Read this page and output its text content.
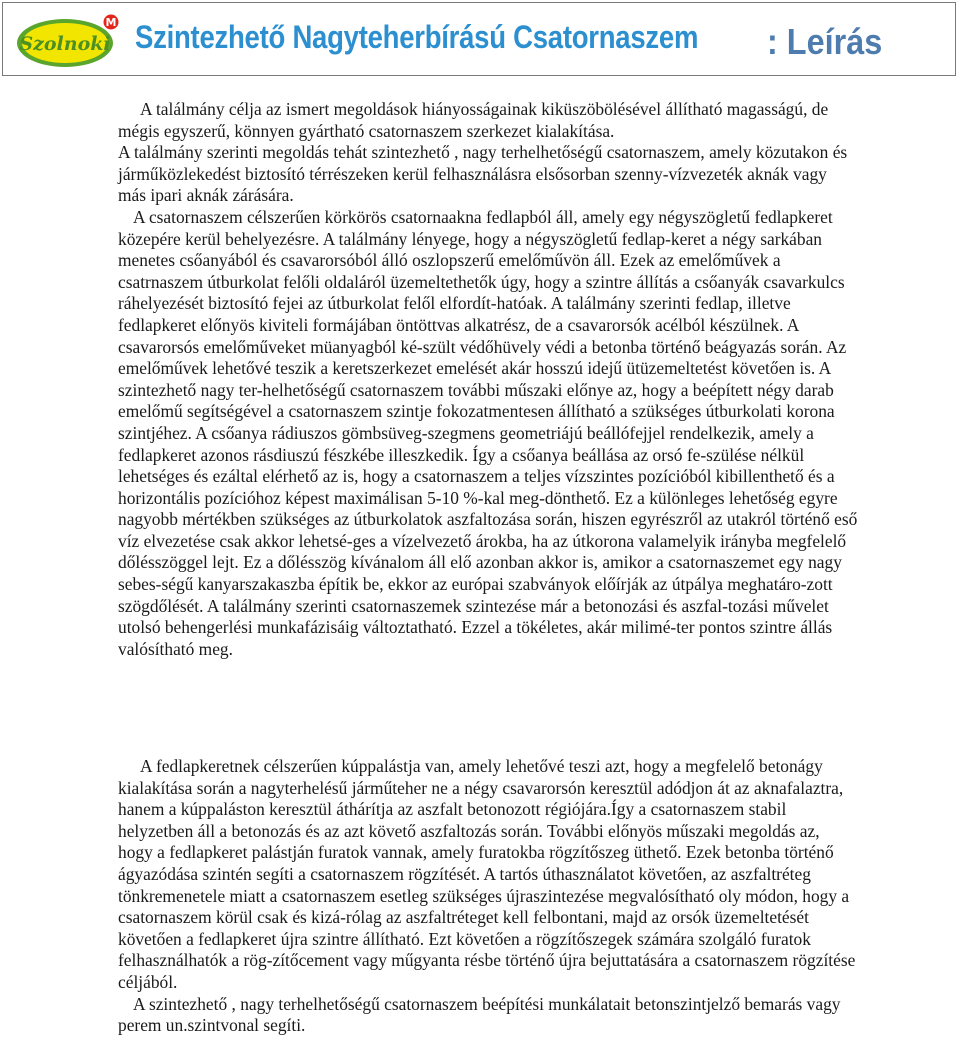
Szolnoki
M Szintezhető Nagyteherbírású Csatornaszem : Leírás

A találmány célja az ismert megoldások hiányosságainak kiküszöbölésével állítható magasságú, de mégis egyszerű, könnyen gyártható csatornaszem szerkezet kialakítása.

A találmány szerinti megoldás tehát szintezhető , nagy terhelhetőségű csatornaszem, amely közutakon és járműközlekedést biztosító térrészeken kerül felhasználásra elsősorban szenny-vízvezeték aknák vagy más ipari aknák zárására.

A csatornaszem célszerűen körkörös csatornaakna fedlapból áll, amely egy négyszögletű fedlapkeret közepére kerül behelyezésre. A találmány lényege, hogy a négyszögletű fedlap-keret a négy sarkában menetes csőanyából és csavarorsóból álló oszlopszerű emelőművön áll. Ezek az emelőművek a csatrnaszem útburkolat felőli oldaláról üzemeltethetők úgy, hogy a szintre állítás a csőanyák csavarkulcs ráhelyezését biztosító fejei az útburkolat felől elfordít-hatóak. A találmány szerinti fedlap, illetve fedlapkeret előnyös kiviteli formájában öntöttvas alkatrész, de a csavarorsók acélból készülnek. A csavarorsós emelőműveket müanyagból ké-szült védőhüvely védi a betonba történő beágyazás során. Az emelőművek lehetővé teszik a keretszerkezet emelését akár hosszú idejű ütüzemeltetést követően is. A szintezhető nagy ter-helhetőségű csatornaszem további műszaki előnye az, hogy a beépített négy darab emelőmű segítségével a csatornaszem szintje fokozatmentesen állítható a szükséges útburkolati korona szintjéhez. A csőanya rádiuszos gömbsüveg-szegmens geometriájú beállófejjel rendelkezik, amely a fedlapkeret azonos rásdiuszú fészkébe illeszkedik. Így a csőanya beállása az orsó fe-szülése nélkül lehetséges és ezáltal elérhető az is, hogy a csatornaszem a teljes vízszintes pozícióból kibillenthető és a horizontális pozícióhoz képest maximálisan 5-10 %-kal meg-dönthető. Ez a különleges lehetőség egyre nagyobb mértékben szükséges az útburkolatok aszfaltozása során, hiszen egyrészről az utakról történő eső víz elvezetése csak akkor lehetsé-ges a vízelvezető árokba, ha az útkorona valamelyik irányba megfelelő dőlésszöggel lejt. Ez a dőlésszög kívánalom áll elő azonban akkor is, amikor a csatornaszemet egy nagy sebes-ségű kanyarszakaszba építik be, ekkor az európai szabványok előírják az útpálya meghatáro-zott szögdőlését. A találmány szerinti csatornaszemek szintezése már a betonozási és aszfal-tozási művelet utolsó behengerlési munkafázisáig változtatható. Ezzel a tökéletes, akár milimé-ter pontos szintre állás valósítható meg.

A fedlapkeretnek célszerűen kúppalástja van, amely lehetővé teszi azt, hogy a megfelelő betonágy kialakítása során a nagyterhelésű járműteher ne a négy csavarorsón keresztül adódjon át az aknafalaztra, hanem a kúppaláston keresztül áthárítja az aszfalt betonozott régiójára.Így a csatornaszem stabil helyzetben áll a betonozás és az azt követő aszfaltozás során. További előnyös műszaki megoldás az, hogy a fedlapkeret palástján furatok vannak, amely furatokba rögzítőszeg üthető. Ezek betonba történő ágyazódása szintén segíti a csatornaszem rögzítését. A tartós úthasználatot követően, az aszfaltréteg tönkremenetele miatt a csatornaszem esetleg szükséges újraszintezése megvalósítható oly módon, hogy a csatornaszem körül csak és kizá-rólag az aszfaltréteget kell felbontani, majd az orsók üzemeltetését követően a fedlapkeret újra szintre állítható. Ezt követően a rögzítőszegek számára szolgáló furatok felhasználhatók a rög-zítőcement vagy műgyanta résbe történő újra bejuttatására a csatornaszem rögzítése céljából.

A szintezhető , nagy terhelhetőségű csatornaszem beépítési munkálatait betonszintjelző bemarás vagy perem un.szintvonal segíti.
